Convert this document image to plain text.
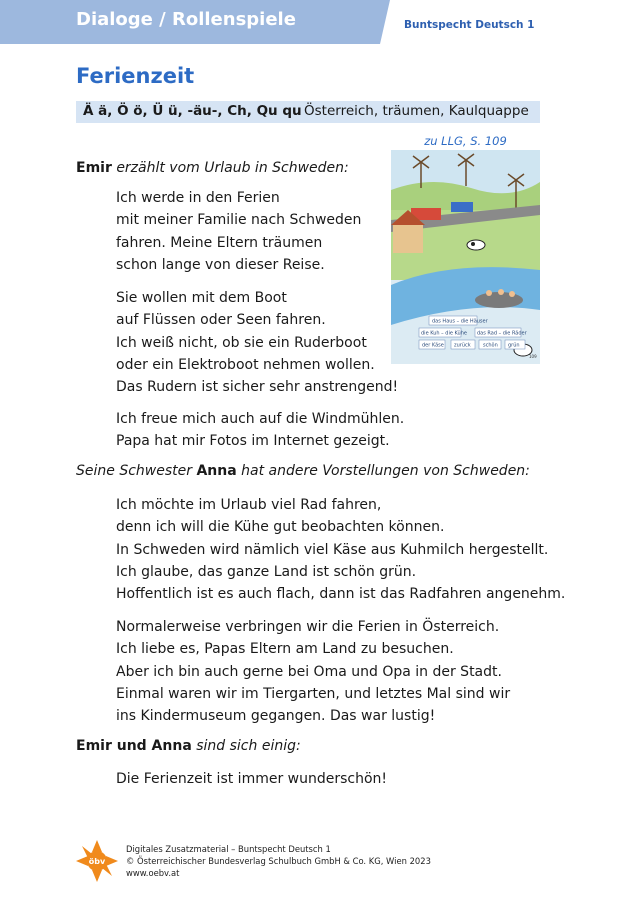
Dialoge / Rollenspiele	Buntspecht Deutsch 1
Ferienzeit
Ä ä, Ö ö, Ü ü, -äu-, Ch, Qu qu Österreich, träumen, Kaulquappe
zu LLG, S. 109
das Haus – die Häuser
die Kuh – die Kühe das Rad – die Räder
der Käse zurück schön grün
109
Emir erzählt vom Urlaub in Schweden:
Ich werde in den Ferien
mit meiner Familie nach Schweden
fahren. Meine Eltern träumen
schon lange von dieser Reise.
Sie wollen mit dem Boot
auf Flüssen oder Seen fahren.
Ich weiß nicht, ob sie ein Ruderboot
oder ein Elektroboot nehmen wollen.
Das Rudern ist sicher sehr anstrengend!
Ich freue mich auch auf die Windmühlen.
Papa hat mir Fotos im Internet gezeigt.
Seine Schwester Anna hat andere Vorstellungen von Schweden:
Ich möchte im Urlaub viel Rad fahren,
denn ich will die Kühe gut beobachten können.
In Schweden wird nämlich viel Käse aus Kuhmilch hergestellt.
Ich glaube, das ganze Land ist schön grün.
Hoffentlich ist es auch flach, dann ist das Radfahren angenehm.
Normalerweise verbringen wir die Ferien in Österreich.
Ich liebe es, Papas Eltern am Land zu besuchen.
Aber ich bin auch gerne bei Oma und Opa in der Stadt.
Einmal waren wir im Tiergarten, und letztes Mal sind wir
ins Kindermuseum gegangen. Das war lustig!
Emir und Anna sind sich einig:
Die Ferienzeit ist immer wunderschön!
öbv
Digitales Zusatzmaterial – Buntspecht Deutsch 1
© Österreichischer Bundesverlag Schulbuch GmbH & Co. KG, Wien 2023
www.oebv.at
